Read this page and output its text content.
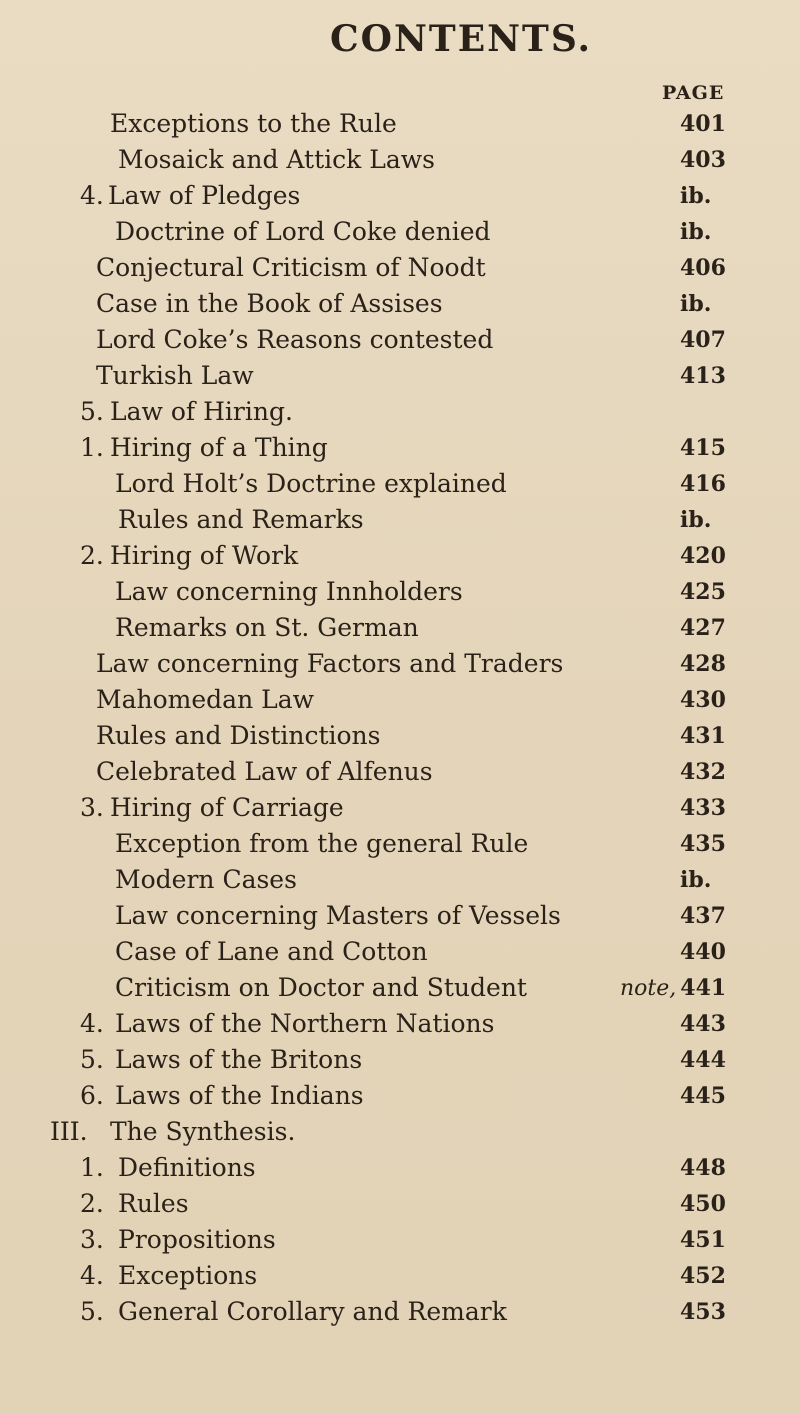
CONTENTS.
PAGE
Exceptions to the Rule	401
Mosaick and Attick Laws	403
4. Law of Pledges	ib.
Doctrine of Lord Coke denied	ib.
Conjectural Criticism of Noodt	406
Case in the Book of Assises	ib.
Lord Coke’s Reasons contested	407
Turkish Law	413
5. Law of Hiring.
1. Hiring of a Thing	415
Lord Holt’s Doctrine explained	416
Rules and Remarks	ib.
2. Hiring of Work	420
Law concerning Innholders	425
Remarks on St. German	427
Law concerning Factors and Traders	428
Mahomedan Law	430
Rules and Distinctions	431
Celebrated Law of Alfenus	432
3. Hiring of Carriage	433
Exception from the general Rule	435
Modern Cases	ib.
Law concerning Masters of Vessels	437
Case of Lane and Cotton	440
Criticism on Doctor and Student	note, 441
4. Laws of the Northern Nations	443
5. Laws of the Britons	444
6. Laws of the Indians	445
III. The Synthesis.
1. Definitions	448
2. Rules	450
3. Propositions	451
4. Exceptions	452
5. General Corollary and Remark	453
